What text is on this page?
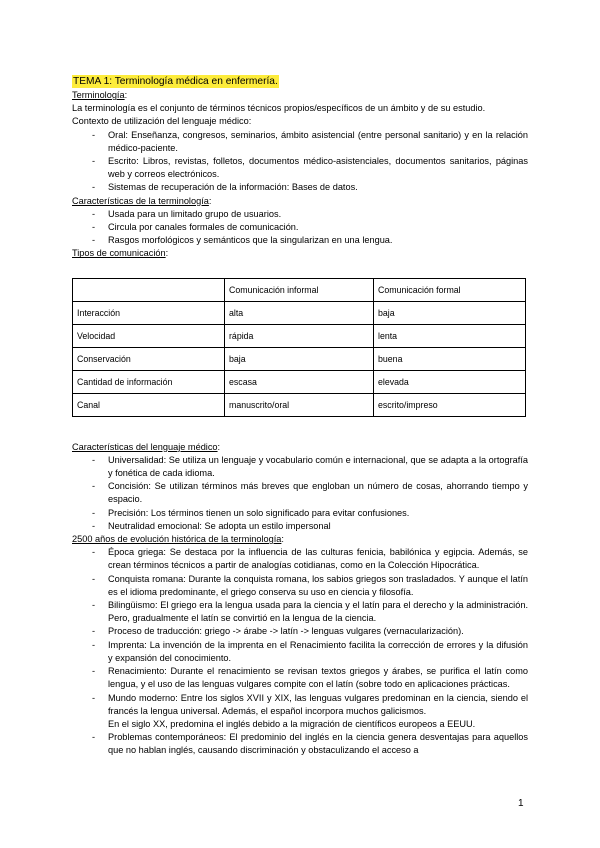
TEMA 1: Terminología médica en enfermería.
Terminología:
La terminología es el conjunto de términos técnicos propios/específicos de un ámbito y de su estudio.
Contexto de utilización del lenguaje médico:
- Oral: Enseñanza, congresos, seminarios, ámbito asistencial (entre personal sanitario) y en la relación médico-paciente.
- Escrito: Libros, revistas, folletos, documentos médico-asistenciales, documentos sanitarios, páginas web y correos electrónicos.
- Sistemas de recuperación de la información: Bases de datos.
Características de la terminología:
- Usada para un limitado grupo de usuarios.
- Circula por canales formales de comunicación.
- Rasgos morfológicos y semánticos que la singularizan en una lengua.
Tipos de comunicación:
	Comunicación informal	Comunicación formal
Interacción	alta	baja
Velocidad	rápida	lenta
Conservación	baja	buena
Cantidad de información	escasa	elevada
Canal	manuscrito/oral	escrito/impreso
Características del lenguaje médico:
- Universalidad: Se utiliza un lenguaje y vocabulario común e internacional, que se adapta a la ortografía y fonética de cada idioma.
- Concisión: Se utilizan términos más breves que engloban un número de cosas, ahorrando tiempo y espacio.
- Precisión: Los términos tienen un solo significado para evitar confusiones.
- Neutralidad emocional: Se adopta un estilo impersonal
2500 años de evolución histórica de la terminología:
- Época griega: Se destaca por la influencia de las culturas fenicia, babilónica y egipcia. Además, se crean términos técnicos a partir de analogías cotidianas, como en la Colección Hipocrática.
- Conquista romana: Durante la conquista romana, los sabios griegos son trasladados. Y aunque el latín es el idioma predominante, el griego conserva su uso en ciencia y filosofía.
- Bilingüismo: El griego era la lengua usada para la ciencia y el latín para el derecho y la administración. Pero, gradualmente el latín se convirtió en la lengua de la ciencia.
- Proceso de traducción: griego -> árabe -> latín -> lenguas vulgares (vernacularización).
- Imprenta: La invención de la imprenta en el Renacimiento facilita la corrección de errores y la difusión y expansión del conocimiento.
- Renacimiento: Durante el renacimiento se revisan textos griegos y árabes, se purifica el latín como lengua, y el uso de las lenguas vulgares compite con el latín (sobre todo en aplicaciones prácticas.
- Mundo moderno: Entre los siglos XVII y XIX, las lenguas vulgares predominan en la ciencia, siendo el francés la lengua universal. Además, el español incorpora muchos galicismos.
En el siglo XX, predomina el inglés debido a la migración de científicos europeos a EEUU.
- Problemas contemporáneos: El predominio del inglés en la ciencia genera desventajas para aquellos que no hablan inglés, causando discriminación y obstaculizando el acceso a
1
